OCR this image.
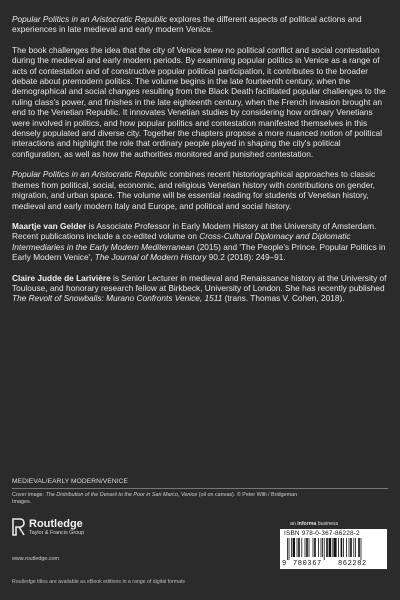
Popular Politics in an Aristocratic Republic explores the different aspects of political actions and experiences in late medieval and early modern Venice.

The book challenges the idea that the city of Venice knew no political conflict and social contestation during the medieval and early modern periods. By examining popular politics in Venice as a range of acts of contestation and of constructive popular political participation, it contributes to the broader debate about premodern politics. The volume begins in the late fourteenth century, when the demographical and social changes resulting from the Black Death facilitated popular challenges to the ruling class's power, and finishes in the late eighteenth century, when the French invasion brought an end to the Venetian Republic. It innovates Venetian studies by considering how ordinary Venetians were involved in politics, and how popular politics and contestation manifested themselves in this densely populated and diverse city. Together the chapters propose a more nuanced notion of political interactions and highlight the role that ordinary people played in shaping the city's political configuration, as well as how the authorities monitored and punished contestation.

Popular Politics in an Aristocratic Republic combines recent historiographical approaches to classic themes from political, social, economic, and religious Venetian history with contributions on gender, migration, and urban space. The volume will be essential reading for students of Venetian history, medieval and early modern Italy and Europe, and political and social history.

Maartje van Gelder is Associate Professor in Early Modern History at the University of Amsterdam. Recent publications include a co-edited volume on Cross-Cultural Diplomacy and Diplomatic Intermediaries in the Early Modern Mediterranean (2015) and 'The People's Prince. Popular Politics in Early Modern Venice', The Journal of Modern History 90.2 (2018): 249–91.

Claire Judde de Larivière is Senior Lecturer in medieval and Renaissance history at the University of Toulouse, and honorary research fellow at Birkbeck, University of London. She has recently published The Revolt of Snowballs: Murano Confronts Venice, 1511 (trans. Thomas V. Cohen, 2018).

MEDIEVAL/EARLY MODERN/VENICE
Cover image: The Distribution of the Denarii to the Poor in San Marco, Venice (oil on canvas). © Peter Willi / Bridgeman Images.
Routledge
Taylor & Francis Group
www.routledge.com
an informa business
ISBN 978-0-367-86228-2
9 780367 862282
Routledge titles are available as eBook editions in a range of digital formats
